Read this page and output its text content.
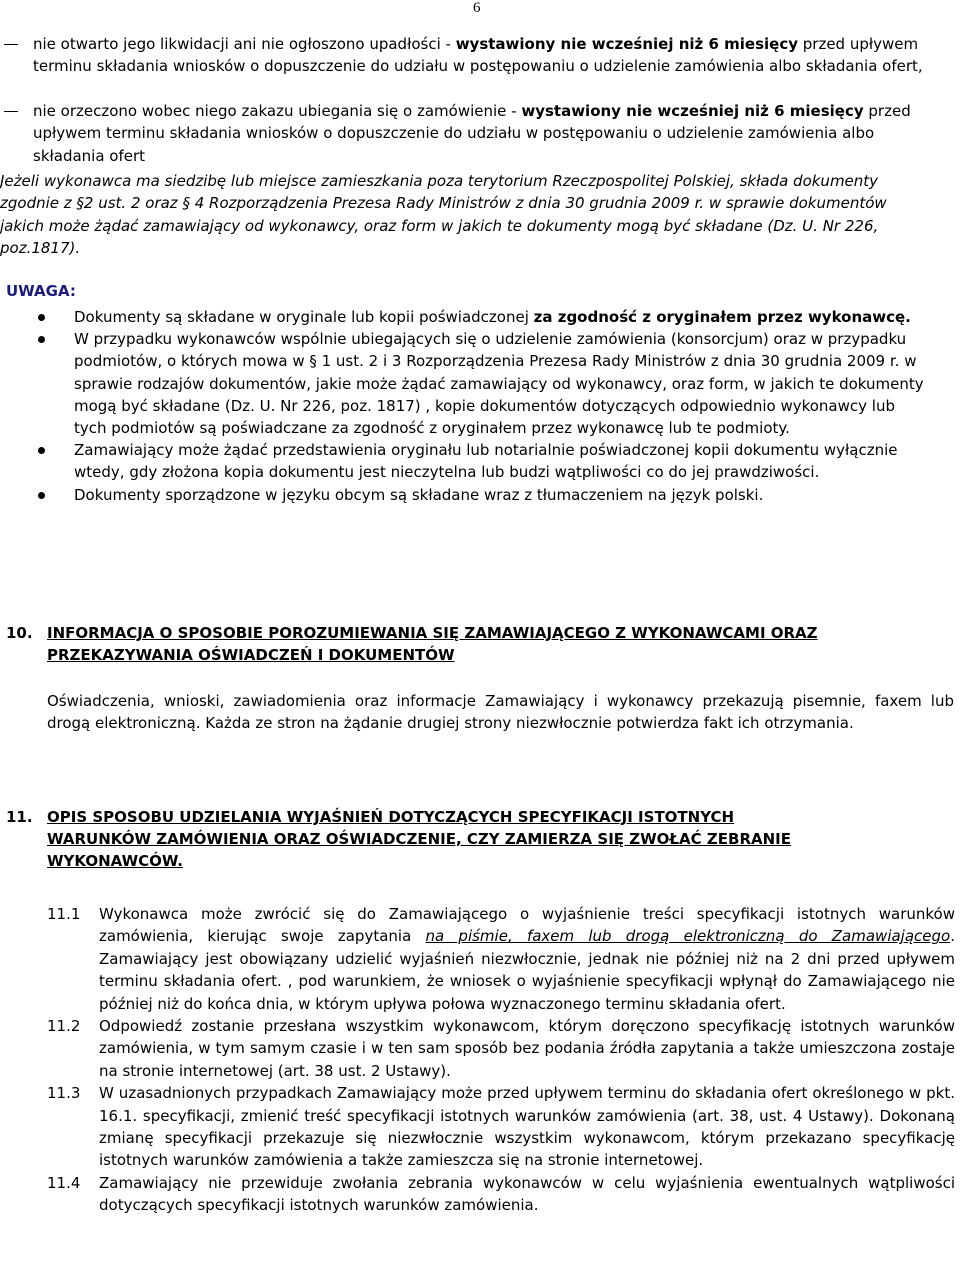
6
nie otwarto jego likwidacji ani nie ogłoszono upadłości - wystawiony nie wcześniej niż 6 miesięcy przed upływem terminu składania wniosków o dopuszczenie do udziału w postępowaniu o udzielenie zamówienia albo składania ofert,
nie orzeczono wobec niego zakazu ubiegania się o zamówienie - wystawiony nie wcześniej niż 6 miesięcy przed upływem terminu składania wniosków o dopuszczenie do udziału w postępowaniu o udzielenie zamówienia albo składania ofert
Jeżeli wykonawca ma siedzibę lub miejsce zamieszkania poza terytorium Rzeczpospolitej Polskiej, składa dokumenty zgodnie z §2 ust. 2 oraz § 4 Rozporządzenia Prezesa Rady Ministrów z dnia 30 grudnia 2009 r. w sprawie dokumentów jakich może żądać zamawiający od wykonawcy, oraz form w jakich te dokumenty mogą być składane (Dz. U. Nr 226, poz.1817).
UWAGA:
Dokumenty są składane w oryginale lub kopii poświadczonej za zgodność z oryginałem przez wykonawcę.
W przypadku wykonawców wspólnie ubiegających się o udzielenie zamówienia (konsorcjum) oraz w przypadku podmiotów, o których mowa w § 1 ust. 2 i 3 Rozporządzenia Prezesa Rady Ministrów z dnia 30 grudnia 2009 r. w sprawie rodzajów dokumentów, jakie może żądać zamawiający od wykonawcy, oraz form, w jakich te dokumenty mogą być składane (Dz. U. Nr 226, poz. 1817) , kopie dokumentów dotyczących odpowiednio wykonawcy lub tych podmiotów są poświadczane za zgodność z oryginałem przez wykonawcę lub te podmioty.
Zamawiający może żądać przedstawienia oryginału lub notarialnie poświadczonej kopii dokumentu wyłącznie wtedy, gdy złożona kopia dokumentu jest nieczytelna lub budzi wątpliwości co do jej prawdziwości.
Dokumenty sporządzone w języku obcym są składane wraz z tłumaczeniem na język polski.
10. INFORMACJA O SPOSOBIE POROZUMIEWANIA SIĘ ZAMAWIAJĄCEGO Z WYKONAWCAMI ORAZ
PRZEKAZYWANIA OŚWIADCZEŃ I DOKUMENTÓW
Oświadczenia, wnioski, zawiadomienia oraz informacje Zamawiający i wykonawcy przekazują pisemnie, faxem lub drogą elektroniczną. Każda ze stron na żądanie drugiej strony niezwłocznie potwierdza fakt ich otrzymania.
11. OPIS SPOSOBU UDZIELANIA WYJAŚNIEŃ DOTYCZĄCYCH SPECYFIKACJI ISTOTNYCH
WARUNKÓW ZAMÓWIENIA ORAZ OŚWIADCZENIE, CZY ZAMIERZA SIĘ ZWOŁAĆ ZEBRANIE
WYKONAWCÓW.
11.1 Wykonawca może zwrócić się do Zamawiającego o wyjaśnienie treści specyfikacji istotnych warunków zamówienia, kierując swoje zapytania na piśmie, faxem lub drogą elektroniczną do Zamawiającego. Zamawiający jest obowiązany udzielić wyjaśnień niezwłocznie, jednak nie później niż na 2 dni przed upływem terminu składania ofert. , pod warunkiem, że wniosek o wyjaśnienie specyfikacji wpłynął do Zamawiającego nie później niż do końca dnia, w którym upływa połowa wyznaczonego terminu składania ofert.
11.2 Odpowiedź zostanie przesłana wszystkim wykonawcom, którym doręczono specyfikację istotnych warunków zamówienia, w tym samym czasie i w ten sam sposób bez podania źródła zapytania a także umieszczona zostaje na stronie internetowej (art. 38 ust. 2 Ustawy).
11.3 W uzasadnionych przypadkach Zamawiający może przed upływem terminu do składania ofert określonego w pkt. 16.1. specyfikacji, zmienić treść specyfikacji istotnych warunków zamówienia (art. 38, ust. 4 Ustawy). Dokonaną zmianę specyfikacji przekazuje się niezwłocznie wszystkim wykonawcom, którym przekazano specyfikację istotnych warunków zamówienia a także zamieszcza się na stronie internetowej.
11.4 Zamawiający nie przewiduje zwołania zebrania wykonawców w celu wyjaśnienia ewentualnych wątpliwości dotyczących specyfikacji istotnych warunków zamówienia.
